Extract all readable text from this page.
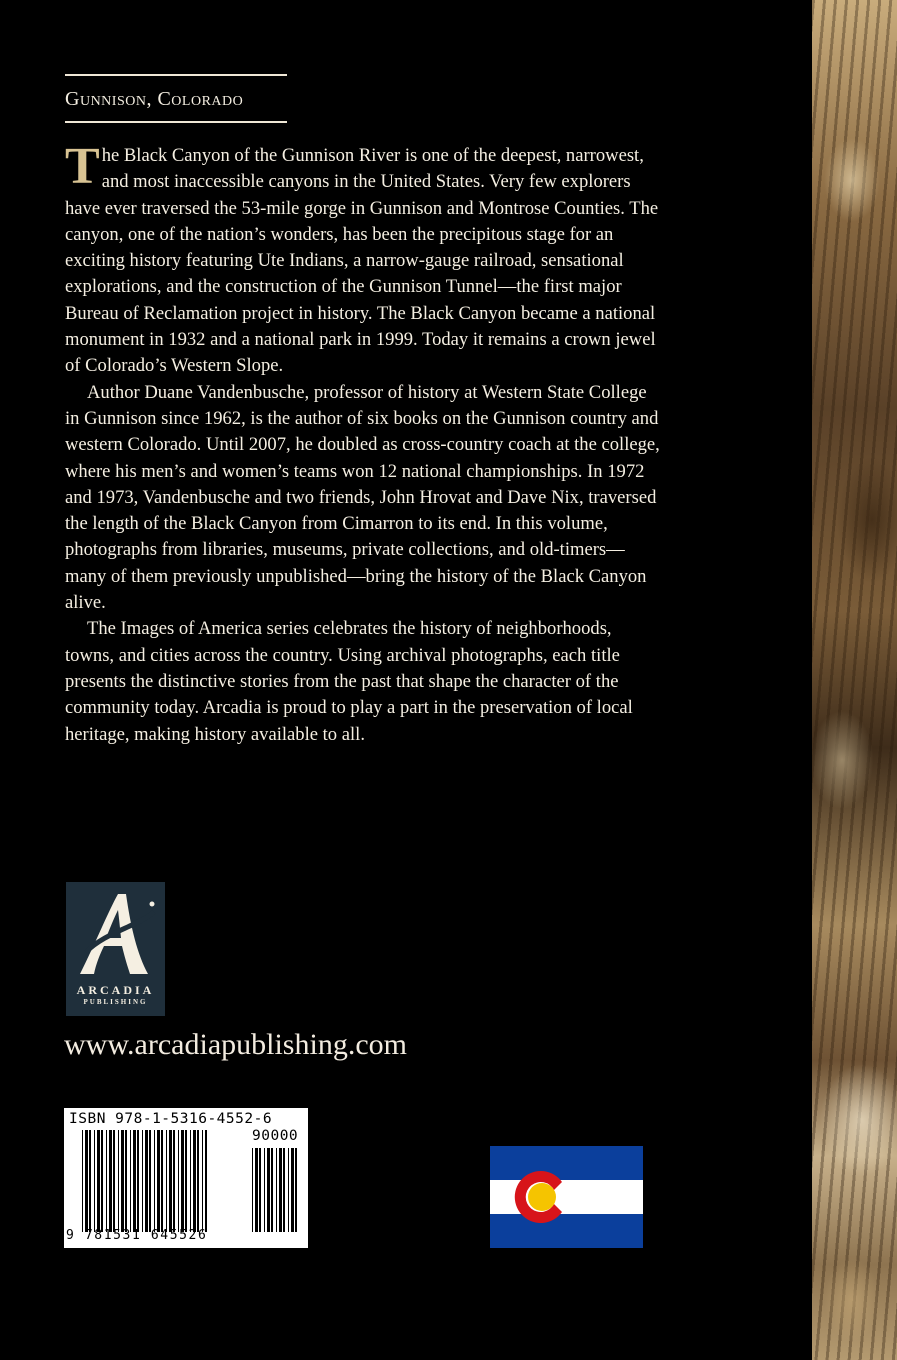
Gunnison, Colorado

The Black Canyon of the Gunnison River is one of the deepest, narrowest, and most inaccessible canyons in the United States. Very few explorers have ever traversed the 53-mile gorge in Gunnison and Montrose Counties. The canyon, one of the nation’s wonders, has been the precipitous stage for an exciting history featuring Ute Indians, a narrow-gauge railroad, sensational explorations, and the construction of the Gunnison Tunnel—the first major Bureau of Reclamation project in history. The Black Canyon became a national monument in 1932 and a national park in 1999. Today it remains a crown jewel of Colorado’s Western Slope.

Author Duane Vandenbusche, professor of history at Western State College in Gunnison since 1962, is the author of six books on the Gunnison country and western Colorado. Until 2007, he doubled as cross-country coach at the college, where his men’s and women’s teams won 12 national championships. In 1972 and 1973, Vandenbusche and two friends, John Hrovat and Dave Nix, traversed the length of the Black Canyon from Cimarron to its end. In this volume, photographs from libraries, museums, private collections, and old-timers—many of them previously unpublished—bring the history of the Black Canyon alive.

The Images of America series celebrates the history of neighborhoods, towns, and cities across the country. Using archival photographs, each title presents the distinctive stories from the past that shape the character of the community today. Arcadia is proud to play a part in the preservation of local heritage, making history available to all.

ARCADIA
PUBLISHING
www.arcadiapublishing.com
ISBN 978-1-5316-4552-6
90000
9 781531 645526
